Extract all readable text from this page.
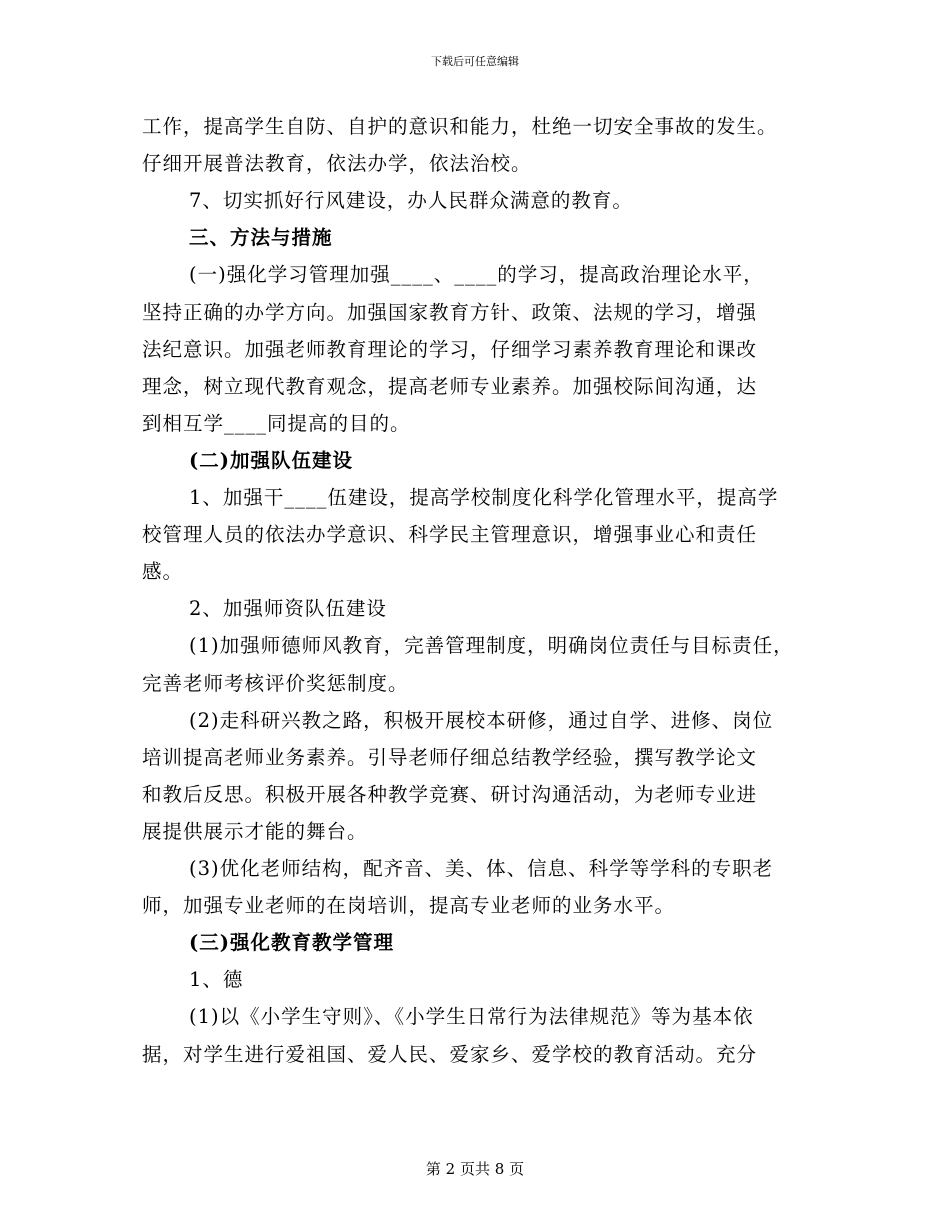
下载后可任意编辑
工作，提高学生自防、自护的意识和能力，杜绝一切安全事故的发生。
仔细开展普法教育，依法办学，依法治校。
7、切实抓好行风建设，办人民群众满意的教育。
三、方法与措施
(一)强化学习管理加强____、____的学习，提高政治理论水平，
坚持正确的办学方向。加强国家教育方针、政策、法规的学习，增强
法纪意识。加强老师教育理论的学习，仔细学习素养教育理论和课改
理念，树立现代教育观念，提高老师专业素养。加强校际间沟通，达
到相互学____同提高的目的。
(二)加强队伍建设
1、加强干____伍建设，提高学校制度化科学化管理水平，提高学
校管理人员的依法办学意识、科学民主管理意识，增强事业心和责任
感。
2、加强师资队伍建设
(1)加强师德师风教育，完善管理制度，明确岗位责任与目标责任，
完善老师考核评价奖惩制度。
(2)走科研兴教之路，积极开展校本研修，通过自学、进修、岗位
培训提高老师业务素养。引导老师仔细总结教学经验，撰写教学论文
和教后反思。积极开展各种教学竞赛、研讨沟通活动，为老师专业进
展提供展示才能的舞台。
(3)优化老师结构，配齐音、美、体、信息、科学等学科的专职老
师，加强专业老师的在岗培训，提高专业老师的业务水平。
(三)强化教育教学管理
1、德
(1)以《小学生守则》、《小学生日常行为法律规范》等为基本依
据，对学生进行爱祖国、爱人民、爱家乡、爱学校的教育活动。充分
第 2 页共 8 页
